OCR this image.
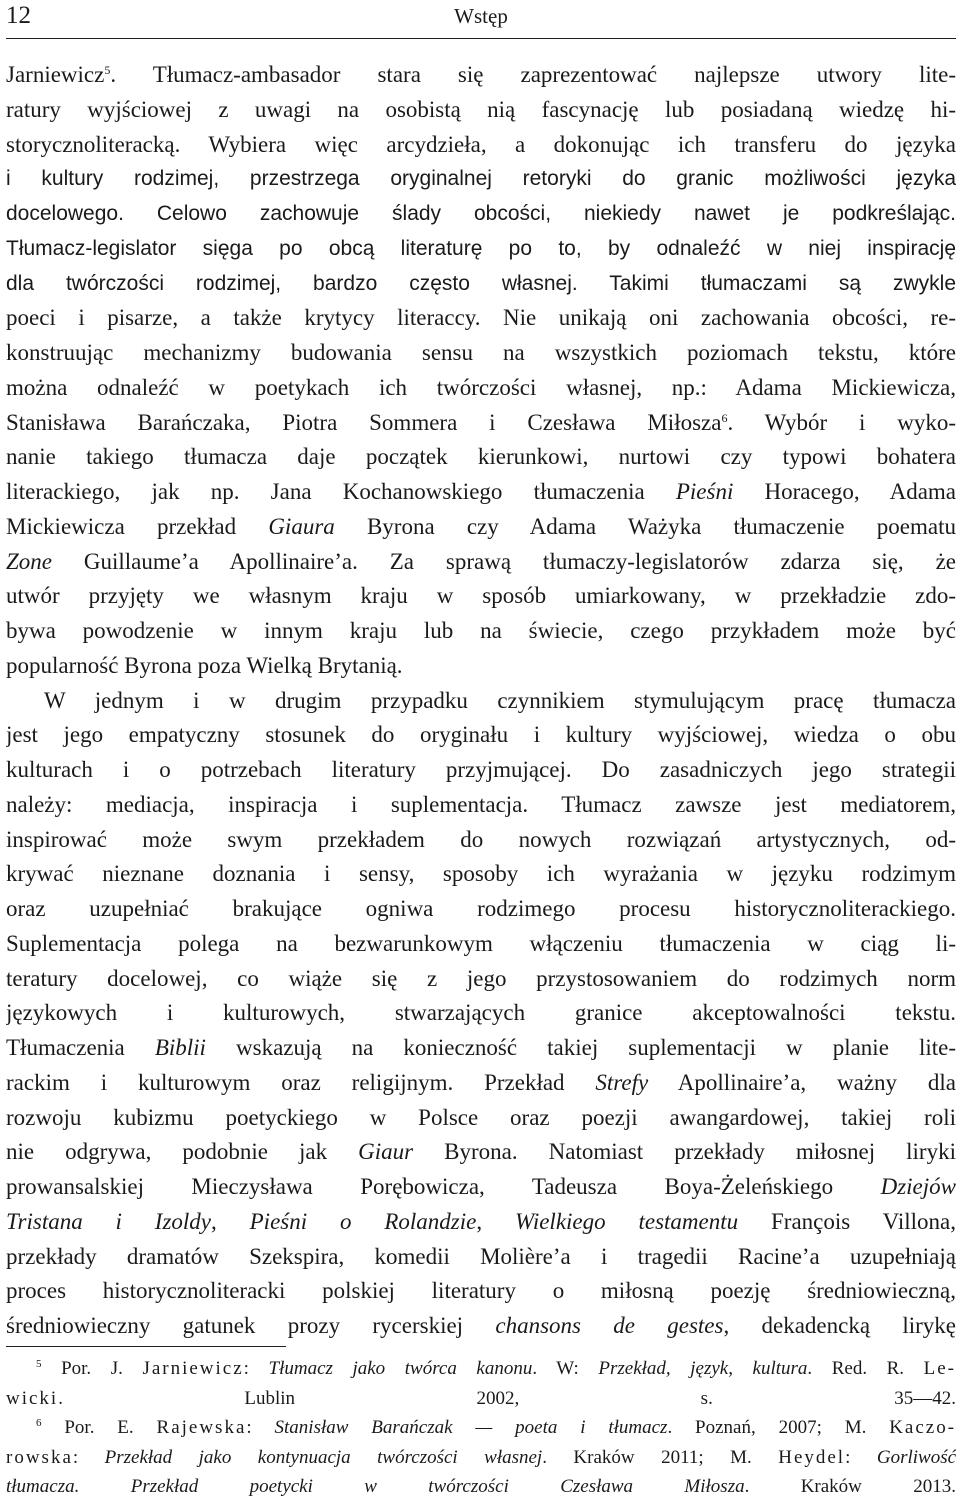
12	Wstęp
Jarniewicz$^5$. Tłumacz-ambasador stara się zaprezentować najlepsze utwory lite-
ratury wyjściowej z uwagi na osobistą nią fascynację lub posiadaną wiedzę hi-
storycznoliteracką. Wybiera więc arcydzieła, a dokonując ich transferu do języka
i kultury rodzimej, przestrzega oryginalnej retoryki do granic możliwości języka
docelowego. Celowo zachowuje ślady obcości, niekiedy nawet je podkreślając.
Tłumacz-legislator sięga po obcą literaturę po to, by odnaleźć w niej inspirację
dla twórczości rodzimej, bardzo często własnej. Takimi tłumaczami są zwykle
poeci i pisarze, a także krytycy literaccy. Nie unikają oni zachowania obcości, re-
konstruując mechanizmy budowania sensu na wszystkich poziomach tekstu, które
można odnaleźć w poetykach ich twórczości własnej, np.: Adama Mickiewicza,
Stanisława Barańczaka, Piotra Sommera i Czesława Miłosza$^6$. Wybór i wyko-
nanie takiego tłumacza daje początek kierunkowi, nurtowi czy typowi bohatera
literackiego, jak np. Jana Kochanowskiego tłumaczenia Pieśni Horacego, Adama
Mickiewicza przekład Giaura Byrona czy Adama Ważyka tłumaczenie poematu
Zone Guillaume’a Apollinaire’a. Za sprawą tłumaczy-legislatorów zdarza się, że
utwór przyjęty we własnym kraju w sposób umiarkowany, w przekładzie zdo-
bywa powodzenie w innym kraju lub na świecie, czego przykładem może być
popularność Byrona poza Wielką Brytanią.
W jednym i w drugim przypadku czynnikiem stymulującym pracę tłumacza
jest jego empatyczny stosunek do oryginału i kultury wyjściowej, wiedza o obu
kulturach i o potrzebach literatury przyjmującej. Do zasadniczych jego strategii
należy: mediacja, inspiracja i suplementacja. Tłumacz zawsze jest mediatorem,
inspirować może swym przekładem do nowych rozwiązań artystycznych, od-
krywać nieznane doznania i sensy, sposoby ich wyrażania w języku rodzimym
oraz uzupełniać brakujące ogniwa rodzimego procesu historycznoliterackiego.
Suplementacja polega na bezwarunkowym włączeniu tłumaczenia w ciąg li-
teratury docelowej, co wiąże się z jego przystosowaniem do rodzimych norm
językowych i kulturowych, stwarzających granice akceptowalności tekstu.
Tłumaczenia Biblii wskazują na konieczność takiej suplementacji w planie lite-
rackim i kulturowym oraz religijnym. Przekład Strefy Apollinaire’a, ważny dla
rozwoju kubizmu poetyckiego w Polsce oraz poezji awangardowej, takiej roli
nie odgrywa, podobnie jak Giaur Byrona. Natomiast przekłady miłosnej liryki
prowansalskiej Mieczysława Porębowicza, Tadeusza Boya-Żeleńskiego Dziejów
Tristana i Izoldy, Pieśni o Rolandzie, Wielkiego testamentu François Villona,
przekłady dramatów Szekspira, komedii Molière’a i tragedii Racine’a uzupełniają
proces historycznoliteracki polskiej literatury o miłosną poezję średniowieczną,
średniowieczny gatunek prozy rycerskiej chansons de gestes, dekadencką lirykę
$^5$ Por. J. Jarniewicz: Tłumacz jako twórca kanonu. W: Przekład, język, kultura. Red. R. Le-
wicki. Lublin 2002, s. 35—42.
$^6$ Por. E. Rajewska: Stanisław Barańczak — poeta i tłumacz. Poznań, 2007; M. Kaczo-
rowska: Przekład jako kontynuacja twórczości własnej. Kraków 2011; M. Heydel: Gorliwość
tłumacza. Przekład poetycki w twórczości Czesława Miłosza. Kraków 2013.
